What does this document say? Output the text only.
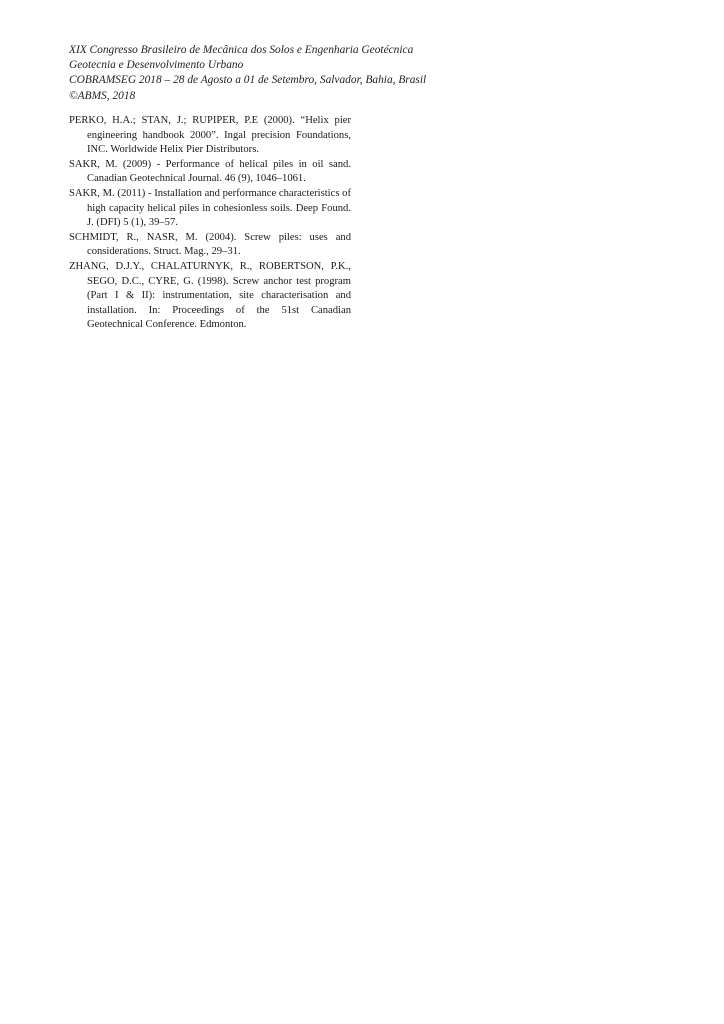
XIX Congresso Brasileiro de Mecânica dos Solos e Engenharia Geotécnica
Geotecnia e Desenvolvimento Urbano
COBRAMSEG 2018 – 28 de Agosto a 01 de Setembro, Salvador, Bahia, Brasil
©ABMS, 2018

PERKO, H.A.; STAN, J.; RUPIPER, P.E (2000). “Helix pier engineering handbook 2000”. Ingal precision Foundations, INC. Worldwide Helix Pier Distributors.

SAKR, M. (2009) - Performance of helical piles in oil sand. Canadian Geotechnical Journal. 46 (9), 1046–1061.

SAKR, M. (2011) - Installation and performance characteristics of high capacity helical piles in cohesionless soils. Deep Found. J. (DFI) 5 (1), 39–57.

SCHMIDT, R., NASR, M. (2004). Screw piles: uses and considerations. Struct. Mag., 29–31.

ZHANG, D.J.Y., CHALATURNYK, R., ROBERTSON, P.K., SEGO, D.C., CYRE, G. (1998). Screw anchor test program (Part I & II): instrumentation, site characterisation and installation. In: Proceedings of the 51st Canadian Geotechnical Conference. Edmonton.
